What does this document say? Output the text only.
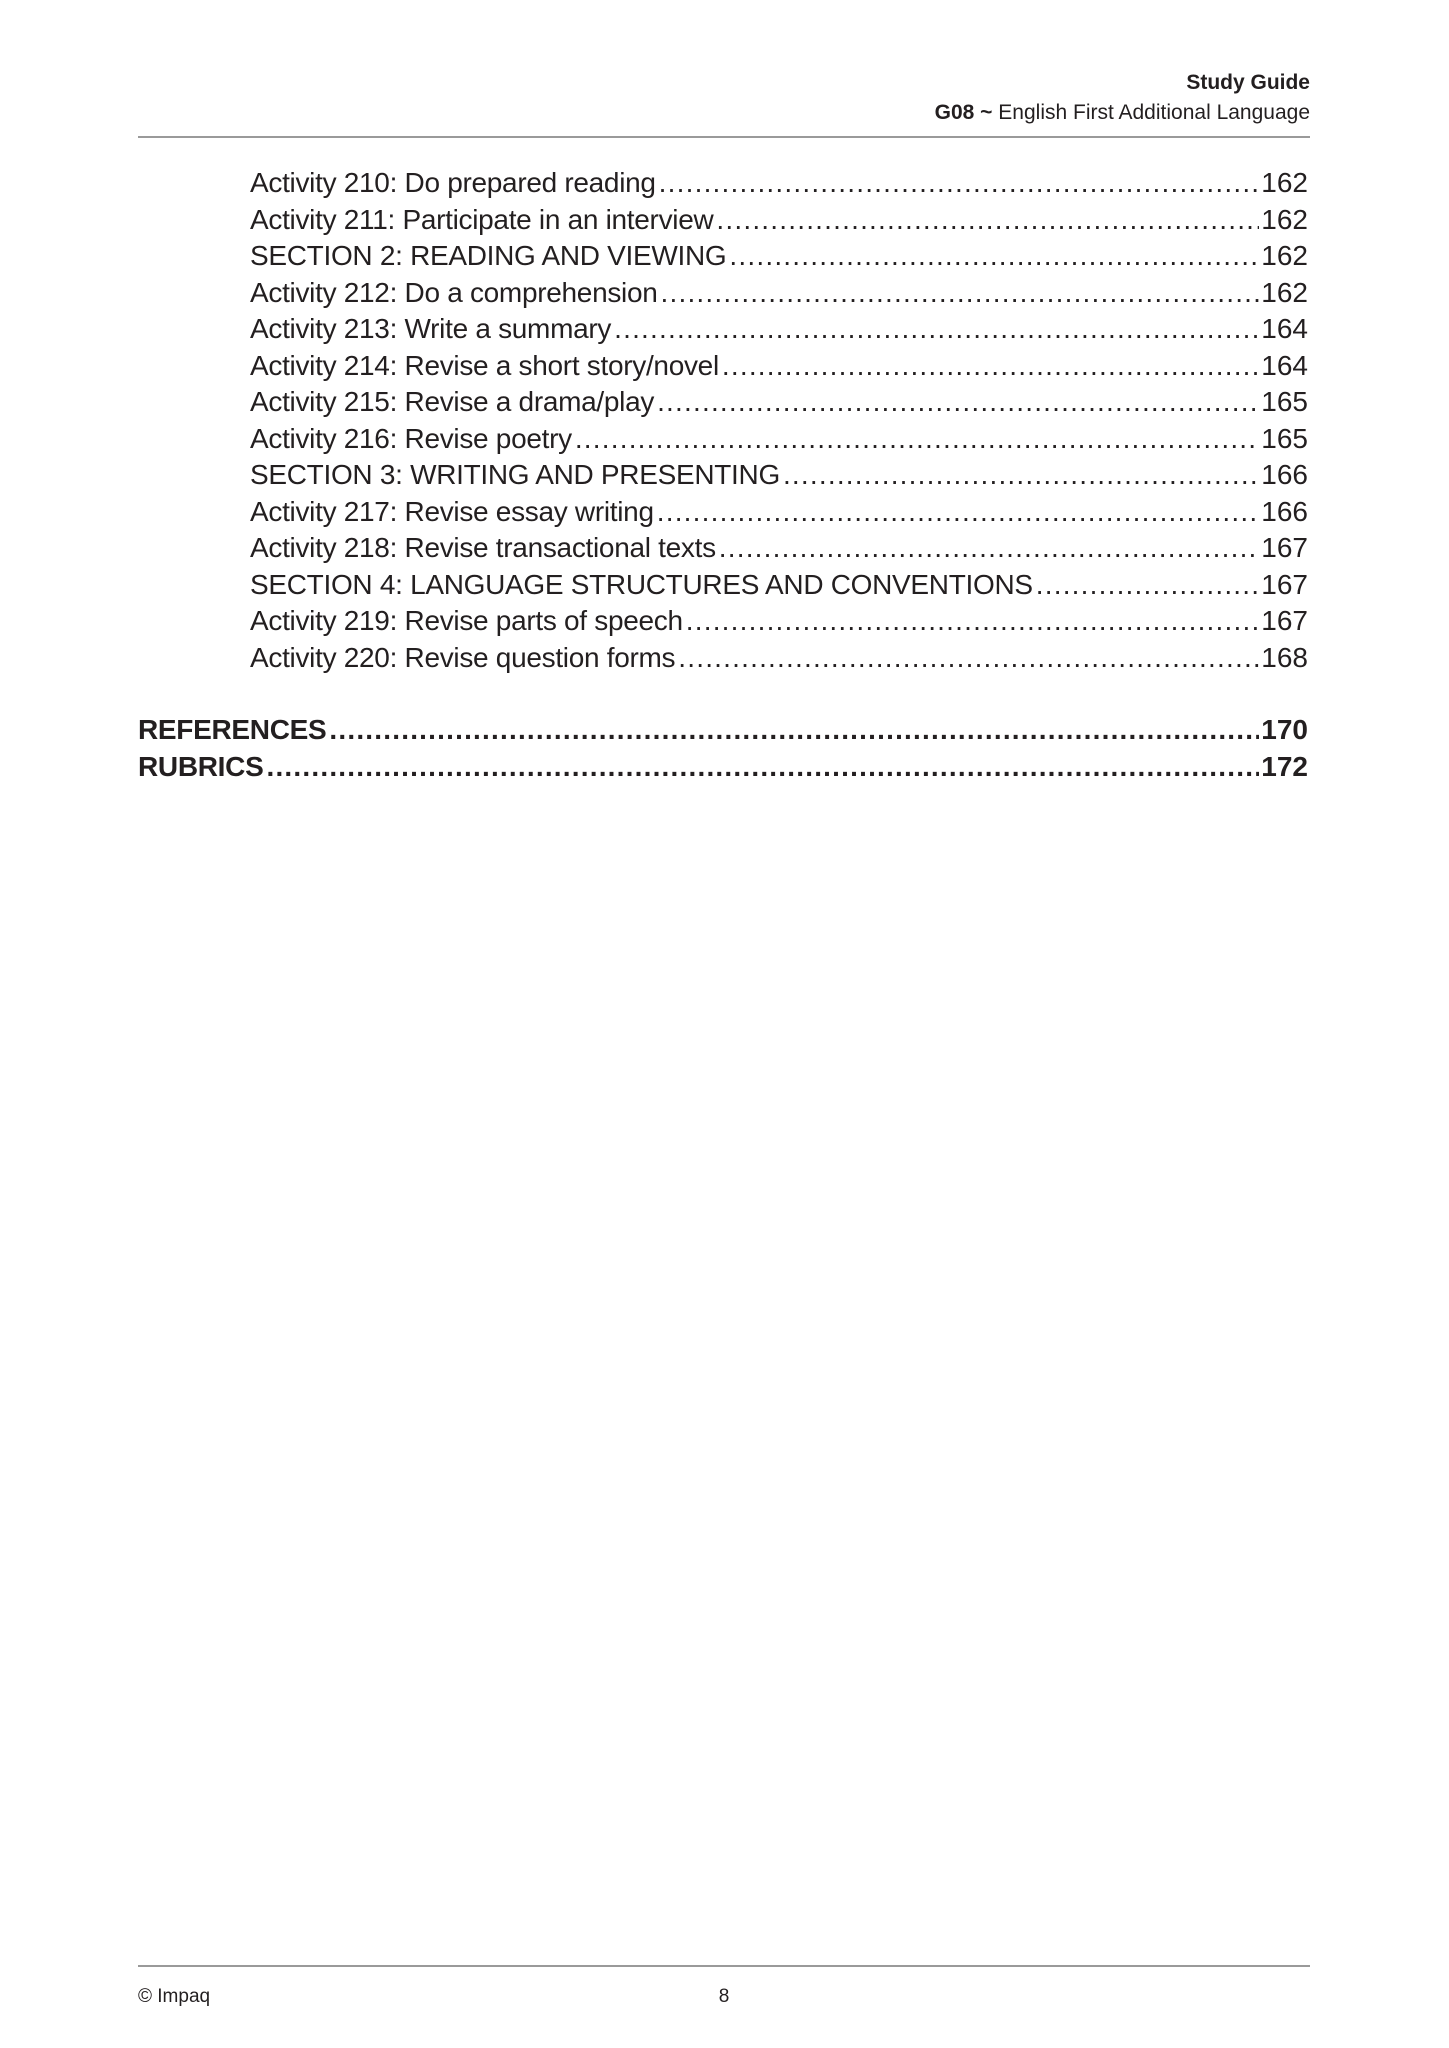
Study Guide
G08 ~ English First Additional Language
Activity 210: Do prepared reading .....	162
Activity 211: Participate in an interview .....	162
SECTION 2: READING AND VIEWING .....	162
Activity 212: Do a comprehension .....	162
Activity 213: Write a summary .....	164
Activity 214: Revise a short story/novel .....	164
Activity 215: Revise a drama/play .....	165
Activity 216: Revise poetry .....	165
SECTION 3: WRITING AND PRESENTING .....	166
Activity 217: Revise essay writing .....	166
Activity 218: Revise transactional texts .....	167
SECTION 4: LANGUAGE STRUCTURES AND CONVENTIONS .....	167
Activity 219: Revise parts of speech .....	167
Activity 220: Revise question forms .....	168
REFERENCES .....	170
RUBRICS .....	172
© Impaq	8
